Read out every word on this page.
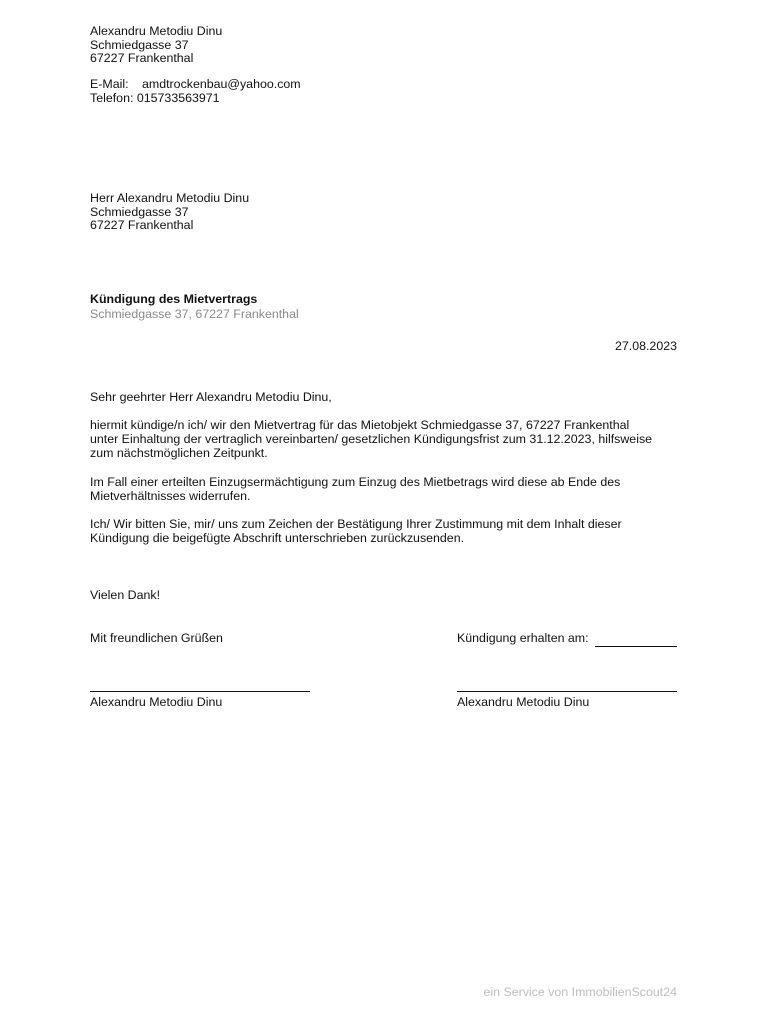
Alexandru Metodiu Dinu
Schmiedgasse 37
67227 Frankenthal
E-Mail: amdtrockenbau@yahoo.com
Telefon: 015733563971
Herr Alexandru Metodiu Dinu
Schmiedgasse 37
67227 Frankenthal
Kündigung des Mietvertrags
Schmiedgasse 37, 67227 Frankenthal
27.08.2023
Sehr geehrter Herr Alexandru Metodiu Dinu,
hiermit kündige/n ich/ wir den Mietvertrag für das Mietobjekt Schmiedgasse 37, 67227 Frankenthal
unter Einhaltung der vertraglich vereinbarten/ gesetzlichen Kündigungsfrist zum 31.12.2023, hilfsweise
zum nächstmöglichen Zeitpunkt.
Im Fall einer erteilten Einzugsermächtigung zum Einzug des Mietbetrags wird diese ab Ende des
Mietverhältnisses widerrufen.
Ich/ Wir bitten Sie, mir/ uns zum Zeichen der Bestätigung Ihrer Zustimmung mit dem Inhalt dieser
Kündigung die beigefügte Abschrift unterschrieben zurückzusenden.
Vielen Dank!
Mit freundlichen Grüßen	Kündigung erhalten am:
Alexandru Metodiu Dinu	Alexandru Metodiu Dinu
ein Service von ImmobilienScout24
